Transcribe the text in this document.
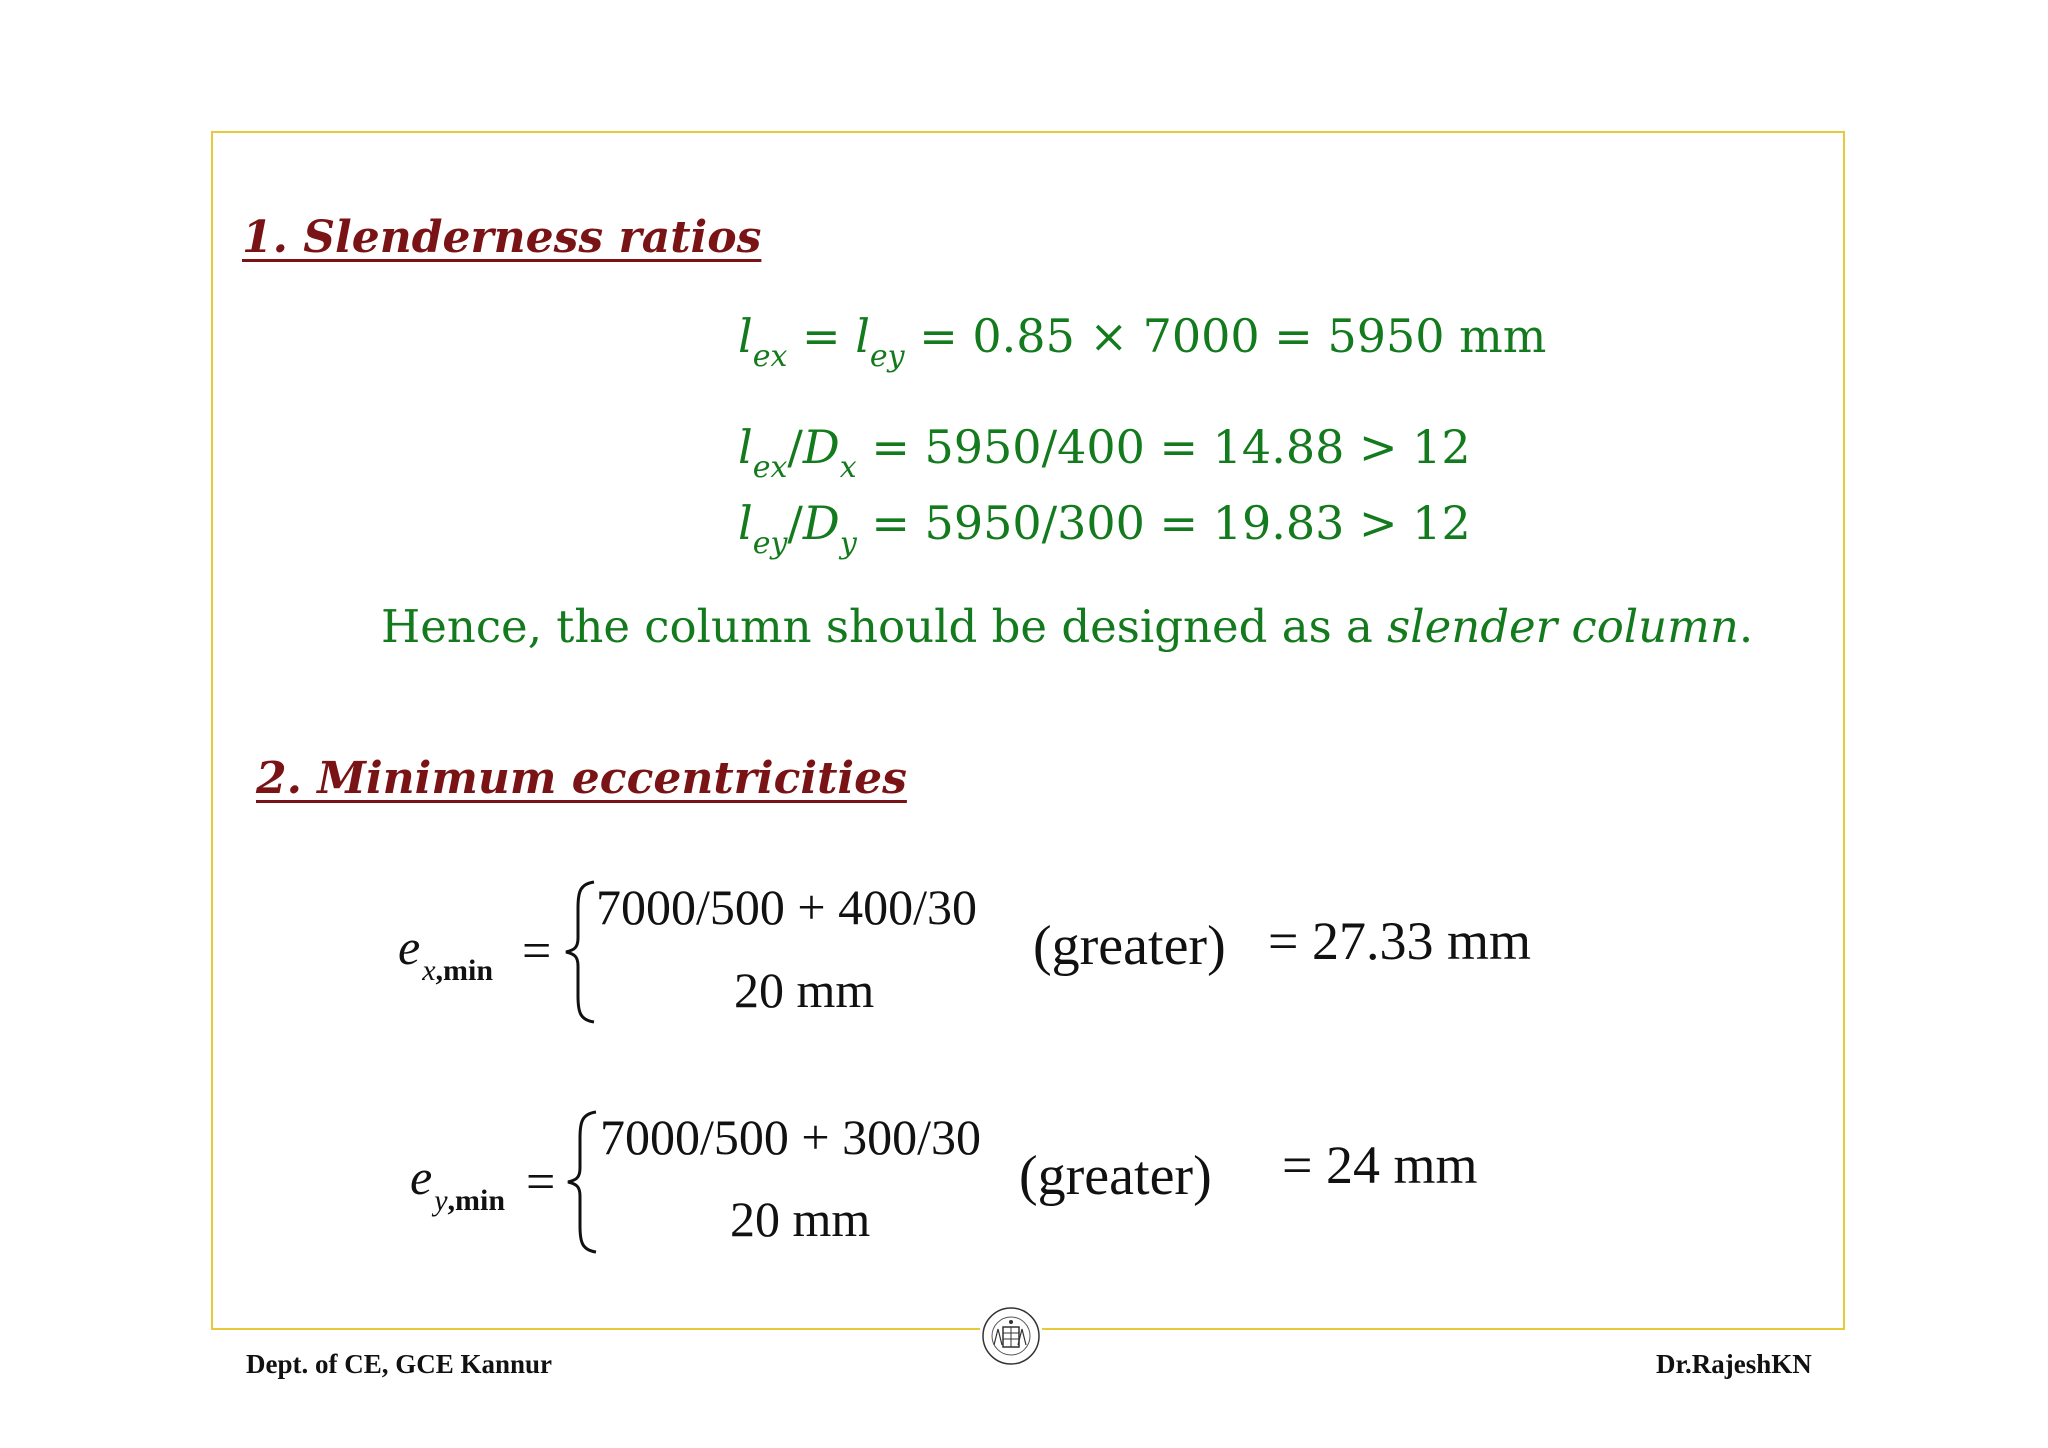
1. Slenderness ratios
$l_{ex} = l_{ey} = 0.85 \times 7000 = 5950$ mm
$l_{ex}/D_x = 5950/400 = 14.88 > 12$
$l_{ey}/D_y = 5950/300 = 19.83 > 12$
Hence, the column should be designed as a slender column.
2. Minimum eccentricities
$e_{x,min}$ =
7000/500 + 400/30
20 mm
(greater) = 27.33 mm
$e_{y,min}$ =
7000/500 + 300/30
20 mm
(greater) = 24 mm
Dept. of CE, GCE Kannur	Dr.RajeshKN
